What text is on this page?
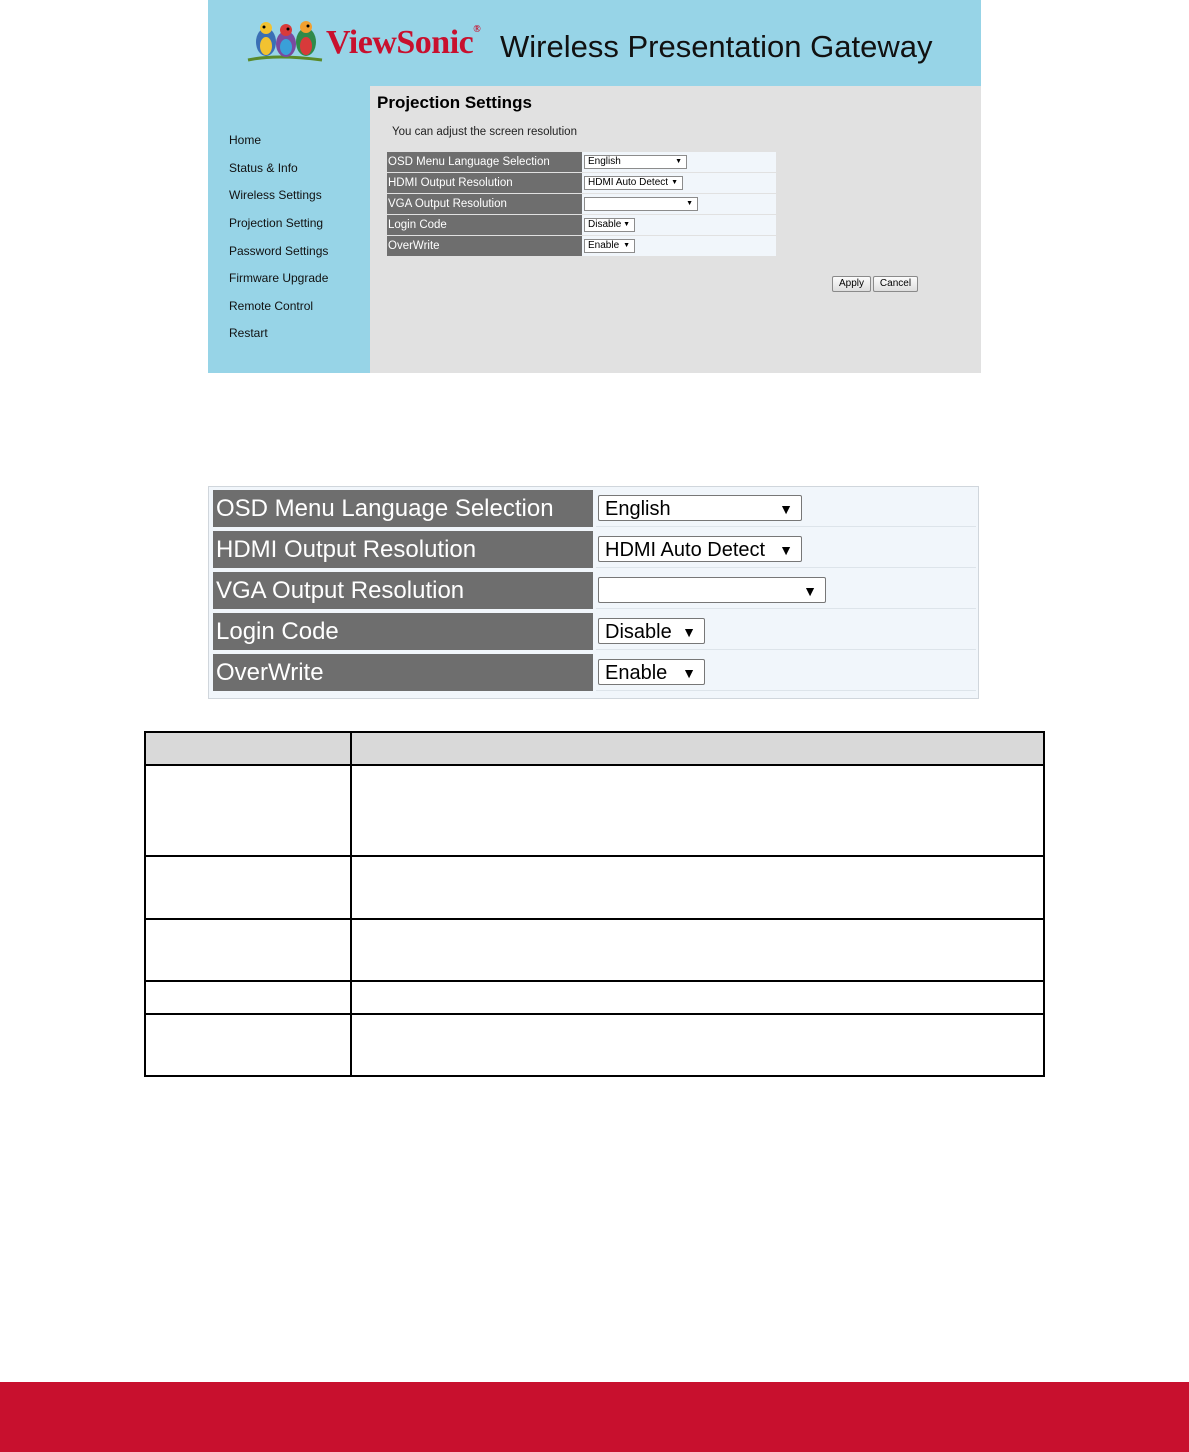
ViewSonic® Wireless Presentation Gateway
Home
Status & Info
Wireless Settings
Projection Setting
Password Settings
Firmware Upgrade
Remote Control
Restart
Projection Settings
You can adjust the screen resolution
OSD Menu Language Selection	English ▼

HDMI Output Resolution	HDMI Auto Detect ▼

VGA Output Resolution	▼

Login Code	Disable ▼

OverWrite	Enable ▼
Apply	Cancel
OSD Menu Language Selection	English	▼
HDMI Output Resolution	HDMI Auto Detect ▼
VGA Output Resolution	▼
Login Code	Disable ▼
OverWrite	Enable ▼
